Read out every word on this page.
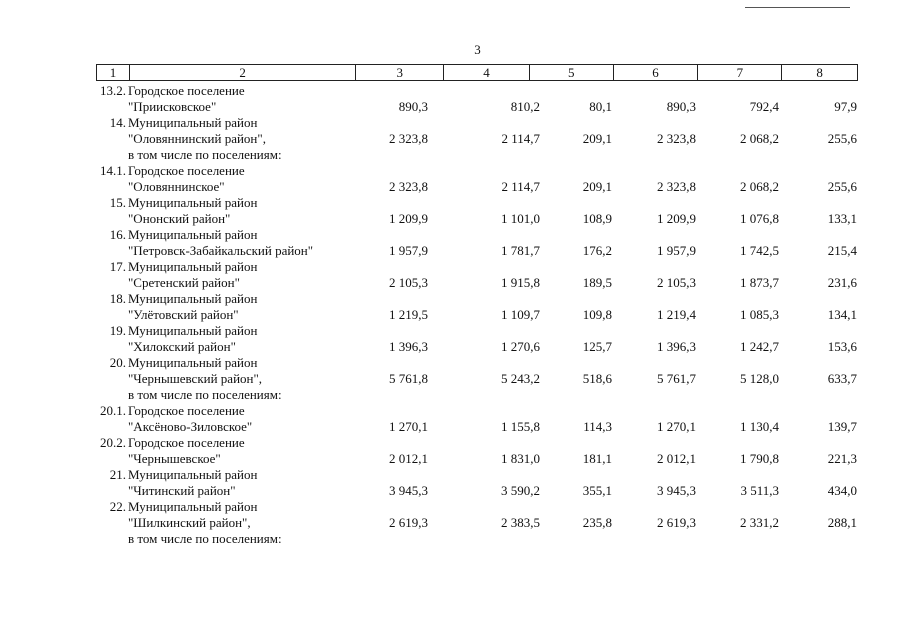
3
1	2	3	4	5	6	7	8
13.2. Городское поселение
"Приисковское"	890,3	810,2	80,1	890,3	792,4	97,9
14. Муниципальный район
"Оловяннинский район",	2 323,8	2 114,7	209,1	2 323,8	2 068,2	255,6
в том числе по поселениям:
14.1. Городское поселение
"Оловяннинское"	2 323,8	2 114,7	209,1	2 323,8	2 068,2	255,6
15. Муниципальный район
"Ононский район"	1 209,9	1 101,0	108,9	1 209,9	1 076,8	133,1
16. Муниципальный район
"Петровск-Забайкальский район"	1 957,9	1 781,7	176,2	1 957,9	1 742,5	215,4
17. Муниципальный район
"Сретенский район"	2 105,3	1 915,8	189,5	2 105,3	1 873,7	231,6
18. Муниципальный район
"Улётовский район"	1 219,5	1 109,7	109,8	1 219,4	1 085,3	134,1
19. Муниципальный район
"Хилокский район"	1 396,3	1 270,6	125,7	1 396,3	1 242,7	153,6
20. Муниципальный район
"Чернышевский район",	5 761,8	5 243,2	518,6	5 761,7	5 128,0	633,7
в том числе по поселениям:
20.1. Городское поселение
"Аксёново-Зиловское"	1 270,1	1 155,8	114,3	1 270,1	1 130,4	139,7
20.2. Городское поселение
"Чернышевское"	2 012,1	1 831,0	181,1	2 012,1	1 790,8	221,3
21. Муниципальный район
"Читинский район"	3 945,3	3 590,2	355,1	3 945,3	3 511,3	434,0
22. Муниципальный район
"Шилкинский район",	2 619,3	2 383,5	235,8	2 619,3	2 331,2	288,1
в том числе по поселениям:
